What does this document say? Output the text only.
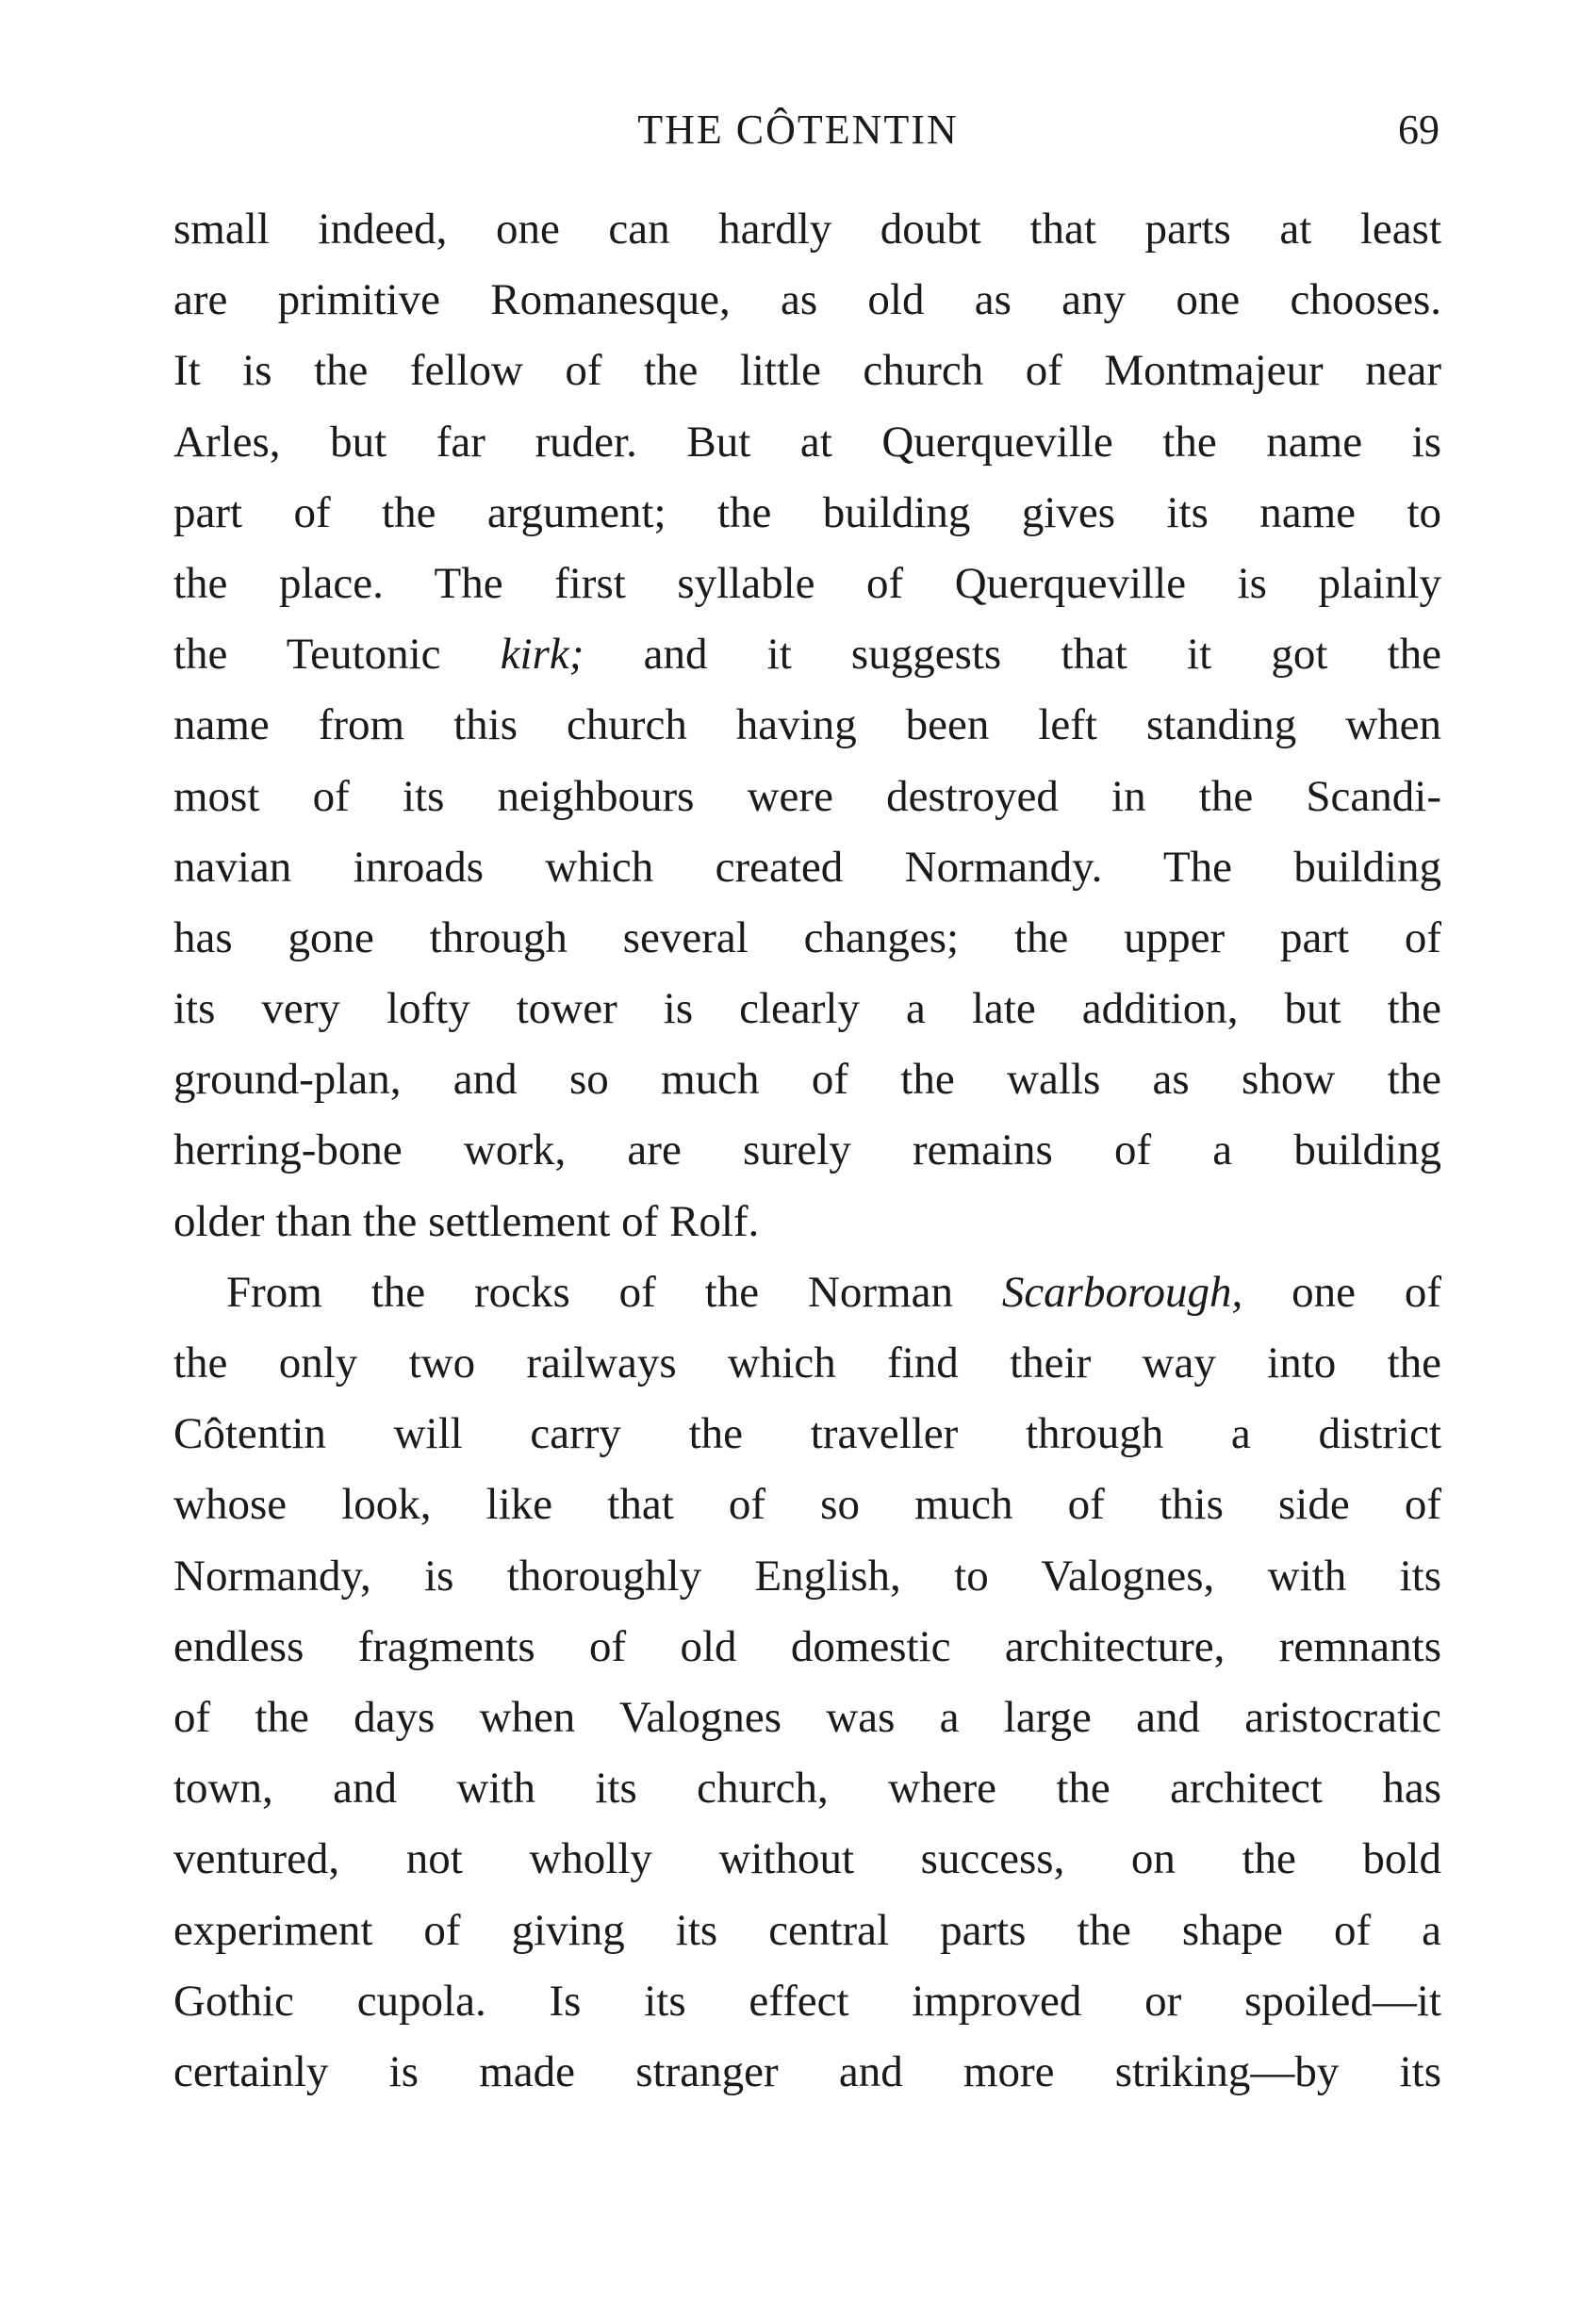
THE CÔTENTIN	69
small indeed, one can hardly doubt that parts at least
are primitive Romanesque, as old as any one chooses.
It is the fellow of the little church of Montmajeur near
Arles, but far ruder. But at Querqueville the name is
part of the argument; the building gives its name to
the place. The first syllable of Querqueville is plainly
the Teutonic kirk; and it suggests that it got the
name from this church having been left standing when
most of its neighbours were destroyed in the Scandi-
navian inroads which created Normandy. The building
has gone through several changes; the upper part of
its very lofty tower is clearly a late addition, but the
ground-plan, and so much of the walls as show the
herring-bone work, are surely remains of a building
older than the settlement of Rolf.
From the rocks of the Norman Scarborough, one of
the only two railways which find their way into the
Côtentin will carry the traveller through a district
whose look, like that of so much of this side of
Normandy, is thoroughly English, to Valognes, with its
endless fragments of old domestic architecture, remnants
of the days when Valognes was a large and aristocratic
town, and with its church, where the architect has
ventured, not wholly without success, on the bold
experiment of giving its central parts the shape of a
Gothic cupola. Is its effect improved or spoiled—it
certainly is made stranger and more striking—by its
